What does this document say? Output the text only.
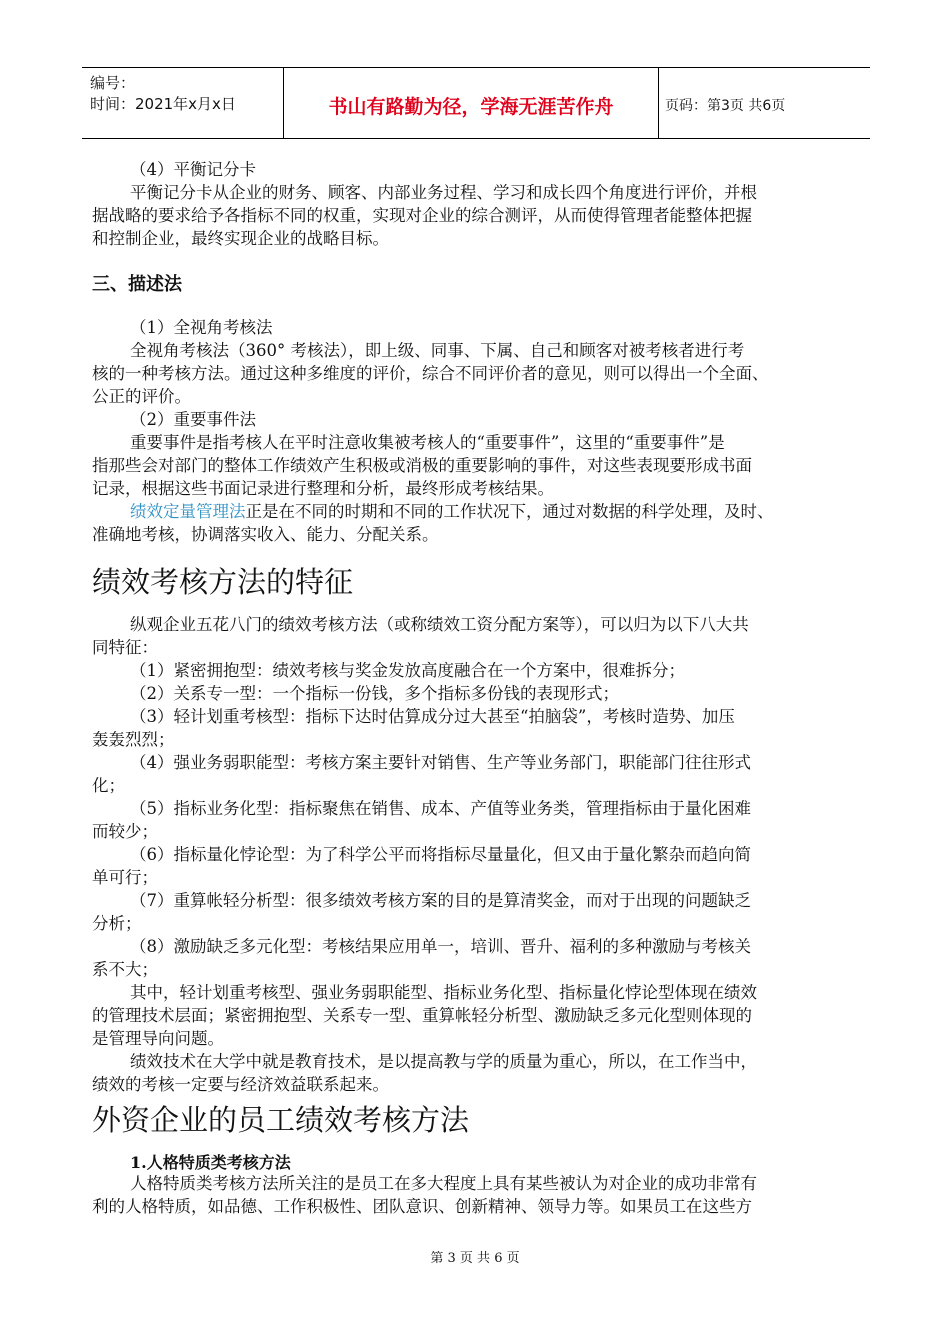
编号：
时间：2021年x月x日	书山有路勤为径，学海无涯苦作舟	页码：第3页 共6页
（4）平衡记分卡
平衡记分卡从企业的财务、顾客、内部业务过程、学习和成长四个角度进行评价，并根
据战略的要求给予各指标不同的权重，实现对企业的综合测评，从而使得管理者能整体把握
和控制企业，最终实现企业的战略目标。
三、描述法
（1）全视角考核法
全视角考核法（360° 考核法），即上级、同事、下属、自己和顾客对被考核者进行考
核的一种考核方法。通过这种多维度的评价，综合不同评价者的意见，则可以得出一个全面、
公正的评价。
（2）重要事件法
重要事件是指考核人在平时注意收集被考核人的“重要事件”，这里的“重要事件”是
指那些会对部门的整体工作绩效产生积极或消极的重要影响的事件，对这些表现要形成书面
记录，根据这些书面记录进行整理和分析，最终形成考核结果。
绩效定量管理法正是在不同的时期和不同的工作状况下，通过对数据的科学处理，及时、
准确地考核，协调落实收入、能力、分配关系。
绩效考核方法的特征
纵观企业五花八门的绩效考核方法（或称绩效工资分配方案等），可以归为以下八大共
同特征：
（1）紧密拥抱型：绩效考核与奖金发放高度融合在一个方案中，很难拆分；
（2）关系专一型：一个指标一份钱，多个指标多份钱的表现形式；
（3）轻计划重考核型：指标下达时估算成分过大甚至“拍脑袋”，考核时造势、加压
轰轰烈烈；
（4）强业务弱职能型：考核方案主要针对销售、生产等业务部门，职能部门往往形式
化；
（5）指标业务化型：指标聚焦在销售、成本、产值等业务类，管理指标由于量化困难
而较少；
（6）指标量化悖论型：为了科学公平而将指标尽量量化，但又由于量化繁杂而趋向简
单可行；
（7）重算帐轻分析型：很多绩效考核方案的目的是算清奖金，而对于出现的问题缺乏
分析；
（8）激励缺乏多元化型：考核结果应用单一，培训、晋升、福利的多种激励与考核关
系不大；
其中，轻计划重考核型、强业务弱职能型、指标业务化型、指标量化悖论型体现在绩效
的管理技术层面；紧密拥抱型、关系专一型、重算帐轻分析型、激励缺乏多元化型则体现的
是管理导向问题。
绩效技术在大学中就是教育技术，是以提高教与学的质量为重心，所以，在工作当中，
绩效的考核一定要与经济效益联系起来。
外资企业的员工绩效考核方法
1.人格特质类考核方法
人格特质类考核方法所关注的是员工在多大程度上具有某些被认为对企业的成功非常有
利的人格特质，如品德、工作积极性、团队意识、创新精神、领导力等。如果员工在这些方
第 3 页 共 6 页
